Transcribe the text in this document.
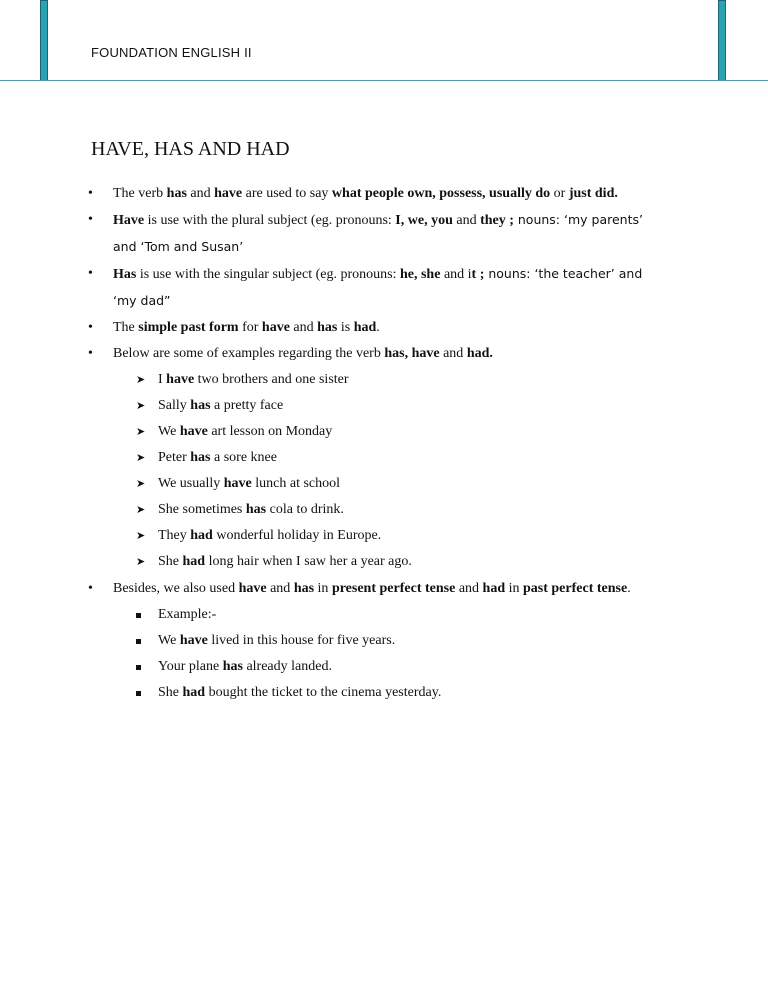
FOUNDATION ENGLISH II
HAVE, HAS AND HAD
• The verb has and have are used to say what people own, possess, usually do or just did.
• Have is use with the plural subject (eg. pronouns: I, we, you and they ; nouns: ‘my parents’
and ‘Tom and Susan’
• Has is use with the singular subject (eg. pronouns: he, she and it ; nouns: ‘the teacher’ and
‘my dad”
• The simple past form for have and has is had.
• Below are some of examples regarding the verb has, have and had.
➤ I have two brothers and one sister
➤ Sally has a pretty face
➤ We have art lesson on Monday
➤ Peter has a sore knee
➤ We usually have lunch at school
➤ She sometimes has cola to drink.
➤ They had wonderful holiday in Europe.
➤ She had long hair when I saw her a year ago.
• Besides, we also used have and has in present perfect tense and had in past perfect tense.
Example:-
We have lived in this house for five years.
Your plane has already landed.
She had bought the ticket to the cinema yesterday.
